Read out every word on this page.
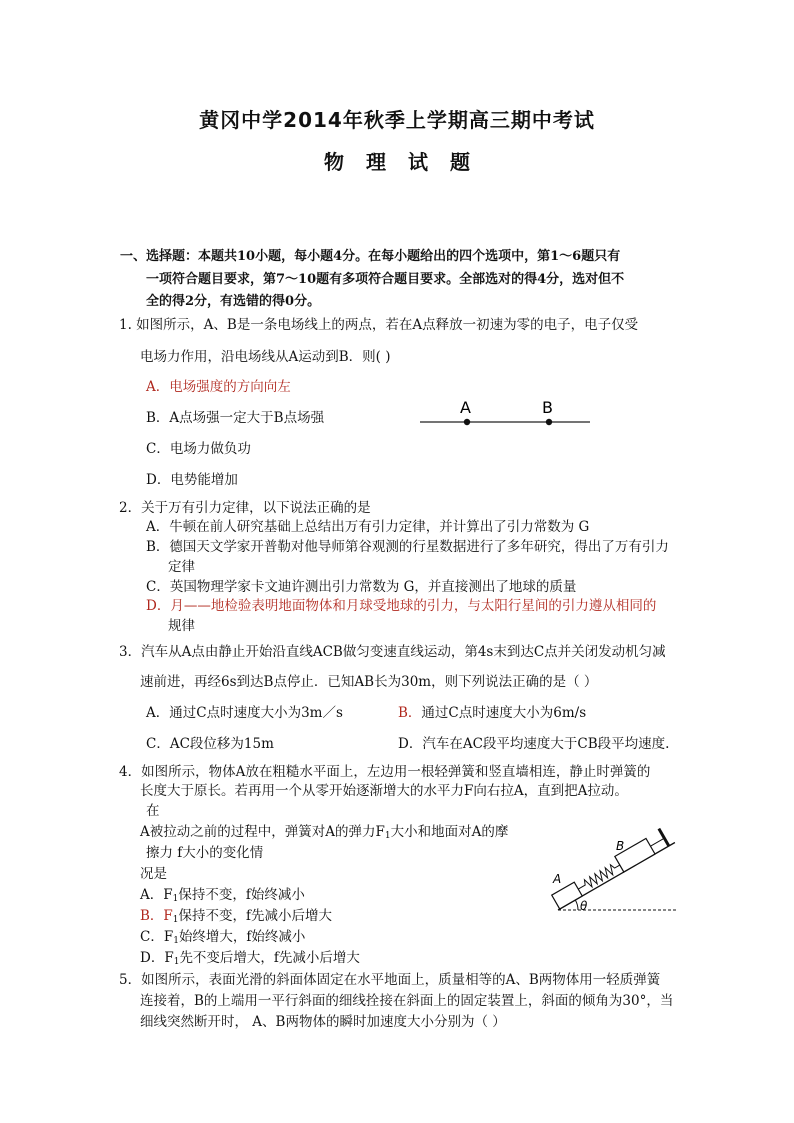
黄冈中学2014年秋季上学期高三期中考试
物理试题
一、选择题：本题共10小题，每小题4分。在每小题给出的四个选项中，第1～6题只有
一项符合题目要求，第7～10题有多项符合题目要求。全部选对的得4分，选对但不
全的得2分，有选错的得0分。
1. 如图所示，A、B是一条电场线上的两点，若在A点释放一初速为零的电子，电子仅受
电场力作用，沿电场线从A运动到B．则( )
A．电场强度的方向向左
B．A点场强一定大于B点场强
C．电场力做负功
D．电势能增加
A	B
2．关于万有引力定律，以下说法正确的是
A．牛顿在前人研究基础上总结出万有引力定律，并计算出了引力常数为 G
B．德国天文学家开普勒对他导师第谷观测的行星数据进行了多年研究，得出了万有引力
定律
C．英国物理学家卡文迪许测出引力常数为 G，并直接测出了地球的质量
D．月——地检验表明地面物体和月球受地球的引力，与太阳行星间的引力遵从相同的
规律
3．汽车从A点由静止开始沿直线ACB做匀变速直线运动，第4s末到达C点并关闭发动机匀减
速前进，再经6s到达B点停止．已知AB长为30m，则下列说法正确的是（ ）
A．通过C点时速度大小为3m／s	B．通过C点时速度大小为6m/s
C．AC段位移为15m	D．汽车在AC段平均速度大于CB段平均速度.
4．如图所示，物体A放在粗糙水平面上，左边用一根轻弹簧和竖直墙相连，静止时弹簧的
长度大于原长。若再用一个从零开始逐渐增大的水平力F向右拉A，直到把A拉动。
在
A被拉动之前的过程中，弹簧对A的弹力$F_1$大小和地面对A的摩
擦力 f大小的变化情
况是
A．$F_1$保持不变，f始终减小
B．$F_1$保持不变，f先减小后增大
C．$F_1$始终增大，f始终减小
D．$F_1$先不变后增大，f先减小后增大
θ
A
B
5．如图所示，表面光滑的斜面体固定在水平地面上，质量相等的A、B两物体用一轻质弹簧
连接着，B的上端用一平行斜面的细线拴接在斜面上的固定装置上，斜面的倾角为30°，当
细线突然断开时， A、B两物体的瞬时加速度大小分别为（ ）
